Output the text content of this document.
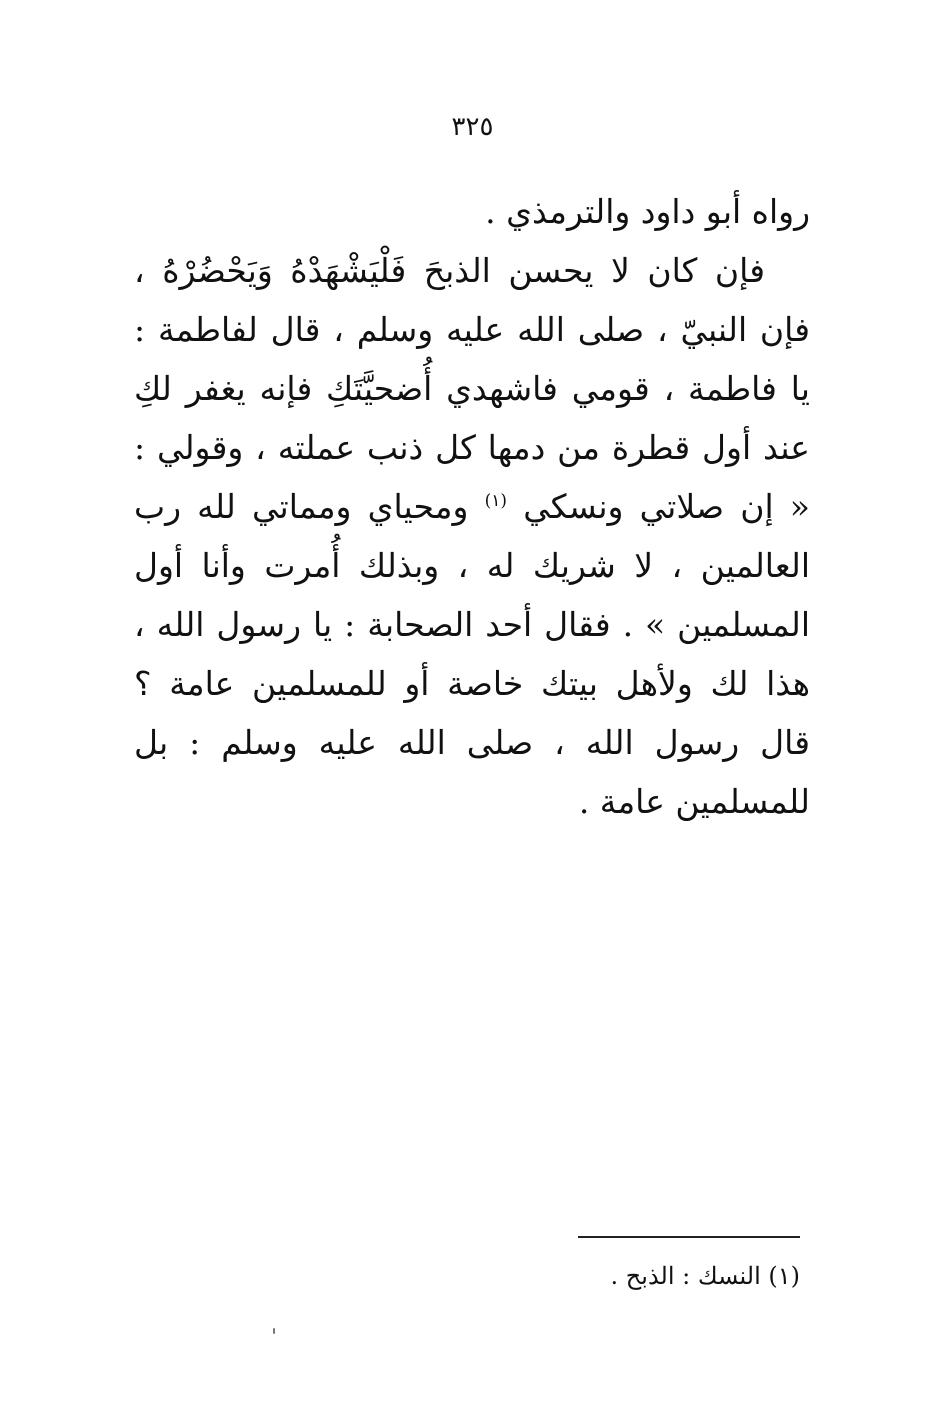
٣٢٥

رواه أبو داود والترمذي .

فإن كان لا يحسن الذبحَ فَلْيَشْهَدْهُ وَيَحْضُرْهُ ، فإن النبيّ ، صلى الله عليه وسلم ، قال لفاطمة : يا فاطمة ، قومي فاشهدي أُضحيَّتَكِ فإنه يغفر لكِ عند أول قطرة من دمها كل ذنب عملته ، وقولي : « إن صلاتي ونسكي $^{(١)}$ ومحياي ومماتي لله رب العالمين ، لا شريك له ، وبذلك أُمرت وأنا أول المسلمين » . فقال أحد الصحابة : يا رسول الله ، هذا لك ولأهل بيتك خاصة أو للمسلمين عامة ؟ قال رسول الله ، صلى الله عليه وسلم : بل للمسلمين عامة .

(١) النسك : الذبح .
